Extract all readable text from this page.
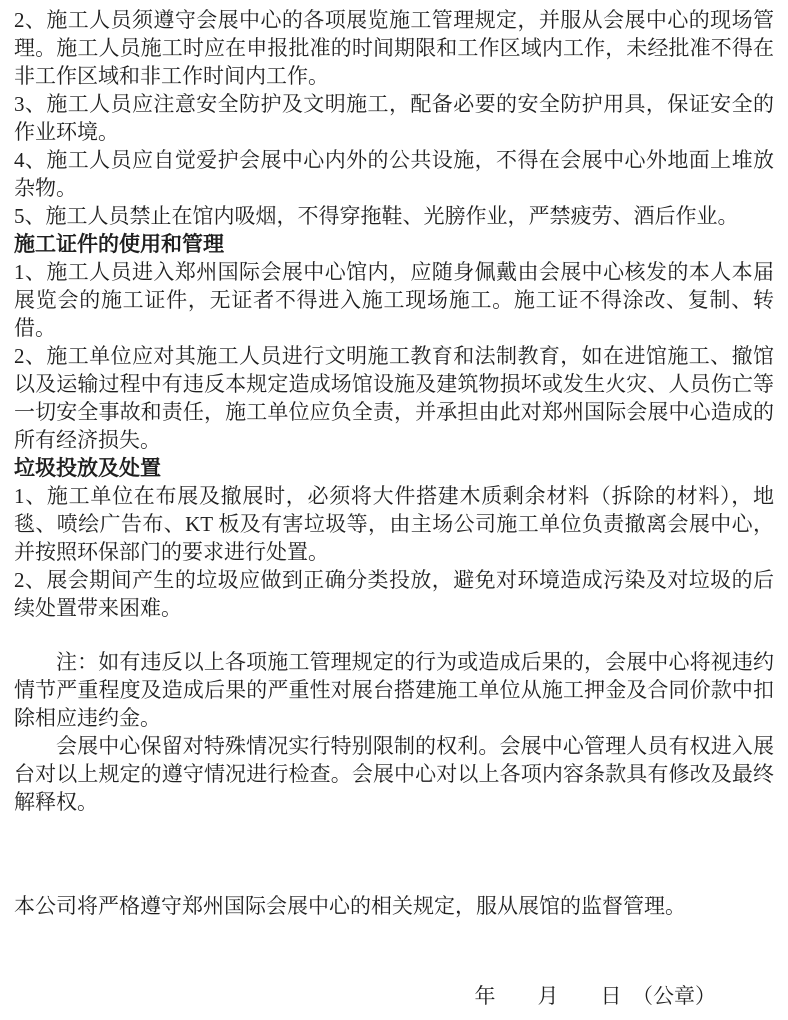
2、施工人员须遵守会展中心的各项展览施工管理规定，并服从会展中心的现场管理。施工人员施工时应在申报批准的时间期限和工作区域内工作，未经批准不得在非工作区域和非工作时间内工作。

3、施工人员应注意安全防护及文明施工，配备必要的安全防护用具，保证安全的作业环境。

4、施工人员应自觉爱护会展中心内外的公共设施，不得在会展中心外地面上堆放杂物。

5、施工人员禁止在馆内吸烟，不得穿拖鞋、光膀作业，严禁疲劳、酒后作业。

施工证件的使用和管理

1、施工人员进入郑州国际会展中心馆内，应随身佩戴由会展中心核发的本人本届展览会的施工证件，无证者不得进入施工现场施工。施工证不得涂改、复制、转借。

2、施工单位应对其施工人员进行文明施工教育和法制教育，如在进馆施工、撤馆以及运输过程中有违反本规定造成场馆设施及建筑物损坏或发生火灾、人员伤亡等一切安全事故和责任，施工单位应负全责，并承担由此对郑州国际会展中心造成的所有经济损失。

垃圾投放及处置

1、施工单位在布展及撤展时，必须将大件搭建木质剩余材料（拆除的材料），地毯、喷绘广告布、KT 板及有害垃圾等，由主场公司施工单位负责撤离会展中心，并按照环保部门的要求进行处置。

2、展会期间产生的垃圾应做到正确分类投放，避免对环境造成污染及对垃圾的后续处置带来困难。

注：如有违反以上各项施工管理规定的行为或造成后果的，会展中心将视违约情节严重程度及造成后果的严重性对展台搭建施工单位从施工押金及合同价款中扣除相应违约金。

会展中心保留对特殊情况实行特别限制的权利。会展中心管理人员有权进入展台对以上规定的遵守情况进行检查。会展中心对以上各项内容条款具有修改及最终解释权。

本公司将严格遵守郑州国际会展中心的相关规定，服从展馆的监督管理。

年　　月　　日　（公章）
